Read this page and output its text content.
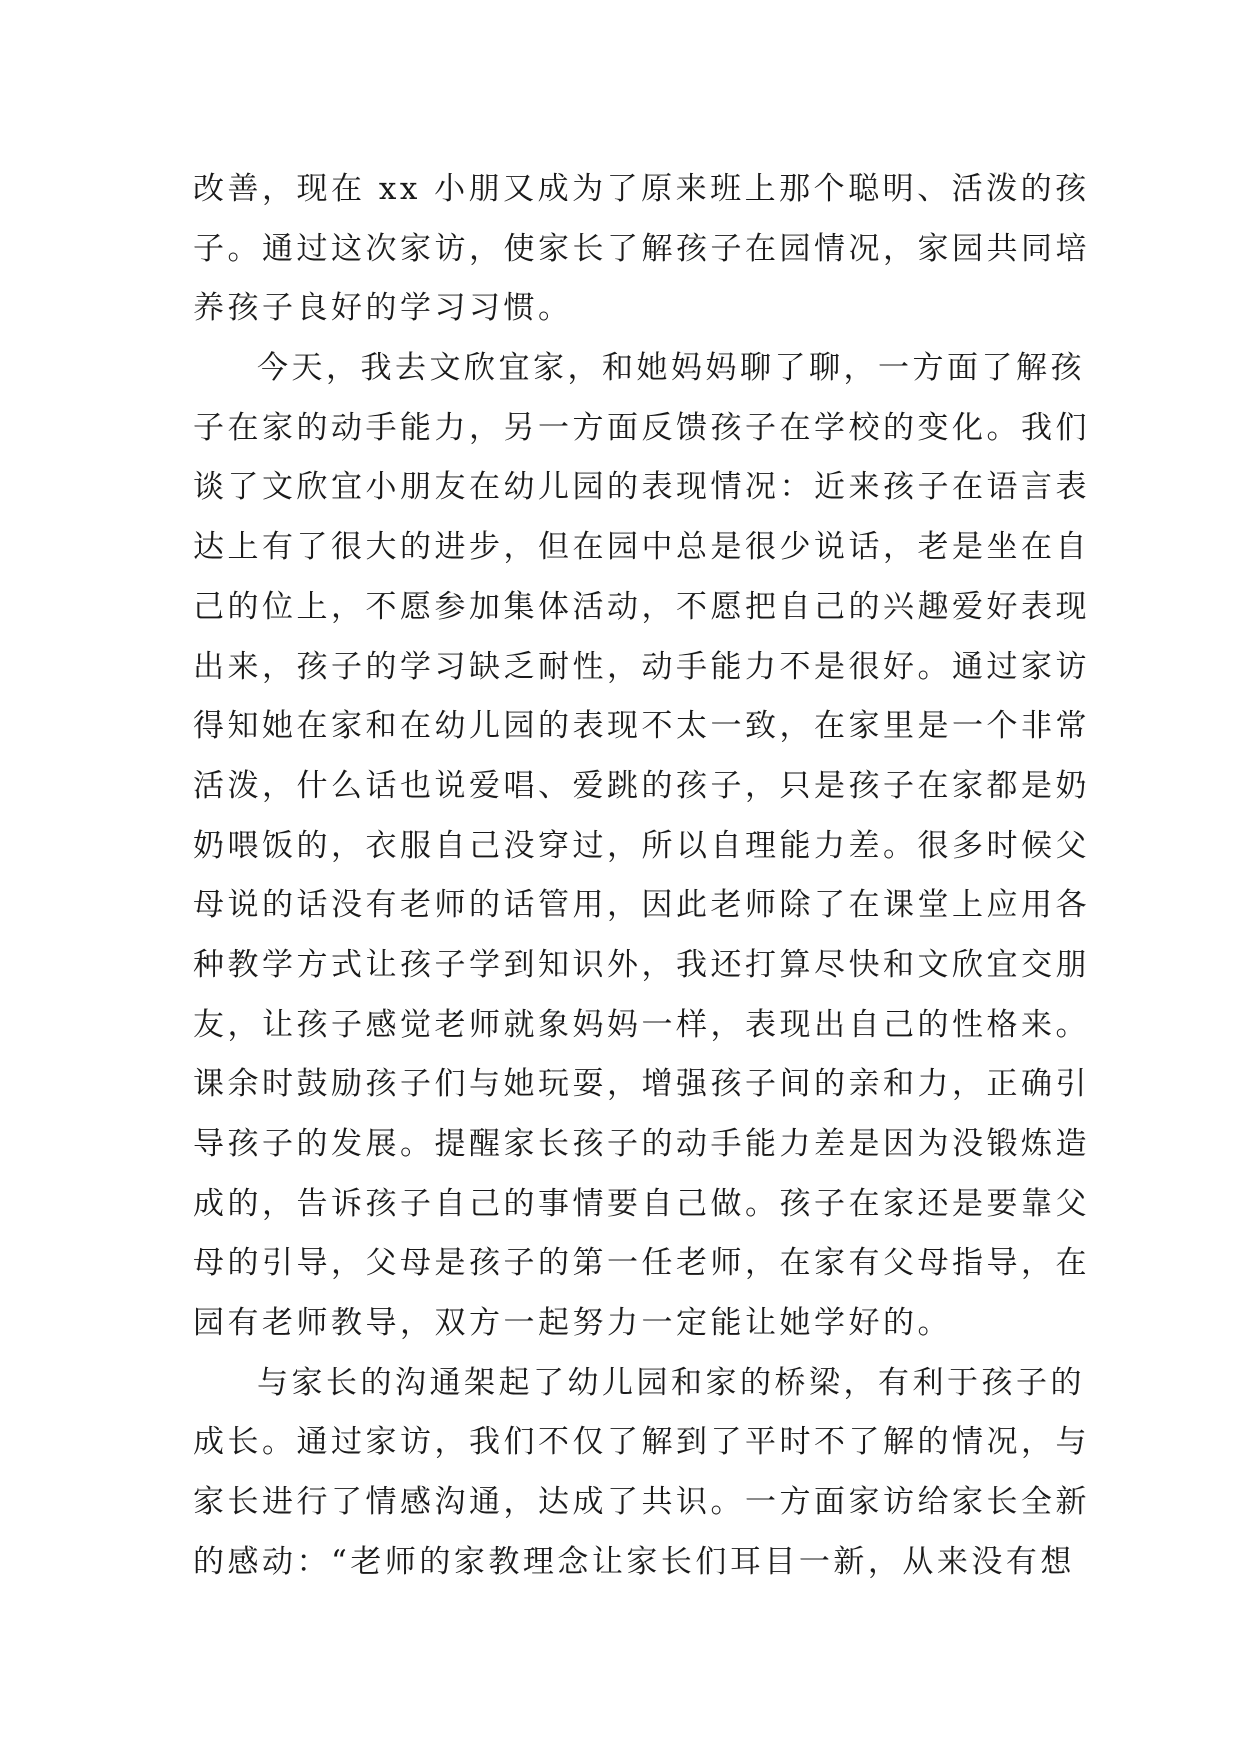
改善，现在 xx 小朋又成为了原来班上那个聪明、活泼的孩
子。通过这次家访，使家长了解孩子在园情况，家园共同培
养孩子良好的学习习惯。
今天，我去文欣宜家，和她妈妈聊了聊，一方面了解孩
子在家的动手能力，另一方面反馈孩子在学校的变化。我们
谈了文欣宜小朋友在幼儿园的表现情况：近来孩子在语言表
达上有了很大的进步，但在园中总是很少说话，老是坐在自
己的位上，不愿参加集体活动，不愿把自己的兴趣爱好表现
出来，孩子的学习缺乏耐性，动手能力不是很好。通过家访
得知她在家和在幼儿园的表现不太一致，在家里是一个非常
活泼，什么话也说爱唱、爱跳的孩子，只是孩子在家都是奶
奶喂饭的，衣服自己没穿过，所以自理能力差。很多时候父
母说的话没有老师的话管用，因此老师除了在课堂上应用各
种教学方式让孩子学到知识外，我还打算尽快和文欣宜交朋
友，让孩子感觉老师就象妈妈一样，表现出自己的性格来。
课余时鼓励孩子们与她玩耍，增强孩子间的亲和力，正确引
导孩子的发展。提醒家长孩子的动手能力差是因为没锻炼造
成的，告诉孩子自己的事情要自己做。孩子在家还是要靠父
母的引导，父母是孩子的第一任老师，在家有父母指导，在
园有老师教导，双方一起努力一定能让她学好的。
与家长的沟通架起了幼儿园和家的桥梁，有利于孩子的
成长。通过家访，我们不仅了解到了平时不了解的情况，与
家长进行了情感沟通，达成了共识。一方面家访给家长全新
的感动：“老师的家教理念让家长们耳目一新，从来没有想
